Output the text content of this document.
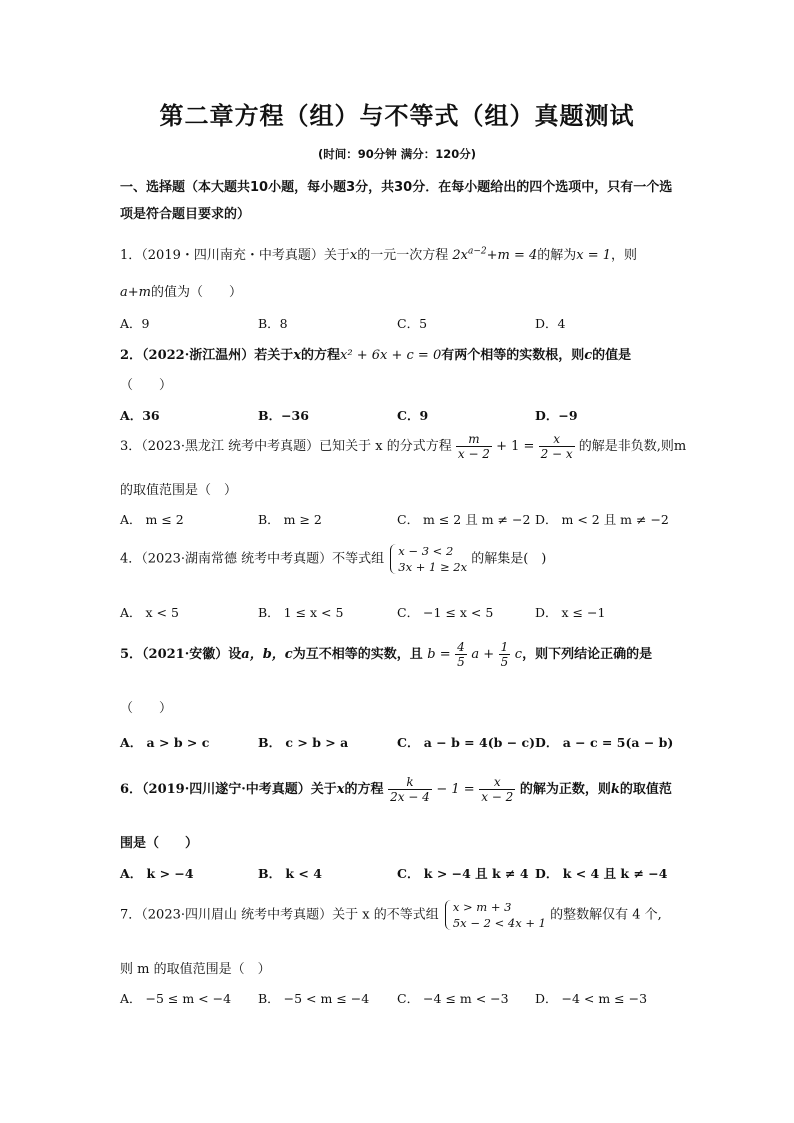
第二章方程（组）与不等式（组）真题测试
(时间：90分钟 满分：120分)
一、选择题（本大题共10小题，每小题3分，共30分．在每小题给出的四个选项中，只有一个选项是符合题目要求的）
1．（2019・四川南充・中考真题）关于x的一元一次方程 $2x^{a-2}+m = 4$的解为x = 1，则
a+m的值为（　　）
A．9	B．8	C．5	D．4
2．（2022·浙江温州）若关于x的方程x² + 6x + c = 0有两个相等的实数根，则c的值是
（　　）
A．36	B．−36	C．9	D．−9
3．（2023·黑龙江 统考中考真题）已知关于 x 的分式方程 $\frac{m}{x - 2} + 1 = \frac{x}{2 - x}$ 的解是非负数,则m
的取值范围是（　）
A． m ≤ 2	B． m ≥ 2	C． m ≤ 2 且 m ≠ −2 D． m < 2 且 m ≠ −2
4．（2023·湖南常德 统考中考真题）不等式组
x − 3 < 2
3x + 1 ≥ 2x
的解集是(　)
A． x < 5	B． 1 ≤ x < 5	C． −1 ≤ x < 5	D． x ≤ −1
5．（2021·安徽）设a，b，c为互不相等的实数，且 $b = \frac{4}{5}$ $a + \frac{1}{5}$ c，则下列结论正确的是
（　　）
A． a > b > c	B． c > b > a	C． a − b = 4(b − c) D． a − c = 5(a − b)
6．（2019·四川遂宁·中考真题）关于x的方程 $\frac{k}{2x - 4} - 1 = \frac{x}{x - 2}$ 的解为正数，则k的取值范
围是（　　）
A． k > −4	B． k < 4	C． k > −4 且 k ≠ 4 D． k < 4 且 k ≠ −4
7．（2023·四川眉山 统考中考真题）关于 x 的不等式组
x > m + 3
5x − 2 < 4x + 1
的整数解仅有 4 个,
则 m 的取值范围是（　）
A． −5 ≤ m < −4 B． −5 < m ≤ −4 C． −4 ≤ m < −3 D． −4 < m ≤ −3
